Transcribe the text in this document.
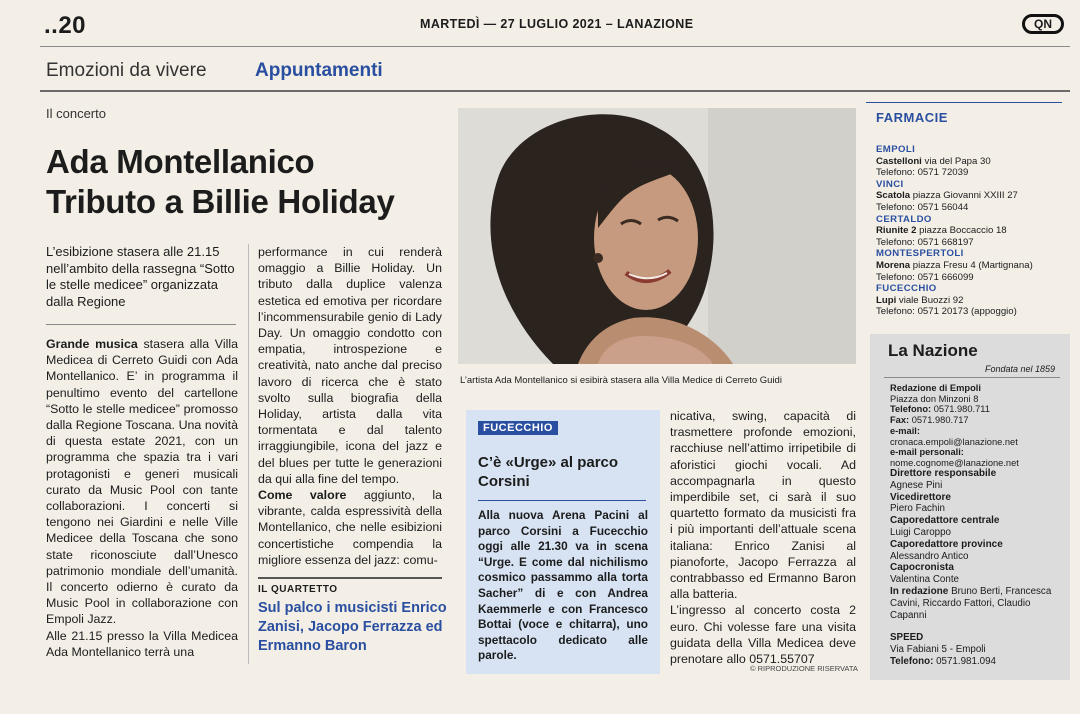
..20	MARTEDÌ — 27 LUGLIO 2021 – LANAZIONE	QN
Emozioni da vivere	Appuntamenti
Il concerto
Ada Montellanico
Tributo a Billie Holiday
L’esibizione stasera alle 21.15 nell’ambito della rassegna “Sotto le stelle medicee” organizzata dalla Regione

Grande musica stasera alla Villa Medicea di Cerreto Guidi con Ada Montellanico. E’ in programma il penultimo evento del cartellone “Sotto le stelle medicee” promosso dalla Regione Toscana. Una novità di questa estate 2021, con un programma che spazia tra i vari protagonisti e generi musicali curato da Music Pool con tante collaborazioni. I concerti si tengono nei Giardini e nelle Ville Medicee della Toscana che sono state riconosciute dall’Unesco patrimonio mondiale dell’umanità. Il concerto odierno è curato da Music Pool in collaborazione con Empoli Jazz.

Alle 21.15 presso la Villa Medicea Ada Montellanico terrà una

performance in cui renderà omaggio a Billie Holiday. Un tributo dalla duplice valenza estetica ed emotiva per ricordare l’incommensurabile genio di Lady Day. Un omaggio condotto con empatia, introspezione e creatività, nato anche dal preciso lavoro di ricerca che è stato svolto sulla biografia della Holiday, artista dalla vita tormentata e dal talento irraggiungibile, icona del jazz e del blues per tutte le generazioni da qui alla fine del tempo.

Come valore aggiunto, la vibrante, calda espressività della Montellanico, che nelle esibizioni concertistiche compendia la migliore essenza del jazz: comu-

IL QUARTETTO
Sul palco i musicisti Enrico Zanisi, Jacopo Ferrazza ed Ermanno Baron
L’artista Ada Montellanico si esibirà stasera alla Villa Medice di Cerreto Guidi
FUCECCHIO
C’è «Urge» al parco Corsini
Alla nuova Arena Pacini al parco Corsini a Fucecchio oggi alle 21.30 va in scena “Urge. E come dal nichilismo cosmico passammo alla torta Sacher” di e con Andrea Kaemmerle e con Francesco Bottai (voce e chitarra), uno spettacolo dedicato alle parole.

nicativa, swing, capacità di trasmettere profonde emozioni, racchiuse nell’attimo irripetibile di aforistici giochi vocali. Ad accompagnarla in questo imperdibile set, ci sarà il suo quartetto formato da musicisti fra i più importanti dell’attuale scena italiana: Enrico Zanisi al pianoforte, Jacopo Ferrazza al contrabbasso ed Ermanno Baron alla batteria.

L’ingresso al concerto costa 2 euro. Chi volesse fare una visita guidata della Villa Medicea deve prenotare allo 0571.55707

© RIPRODUZIONE RISERVATA
FARMACIE
EMPOLI
Castelloni via del Papa 30
Telefono: 0571 72039
VINCI
Scatola piazza Giovanni XXIII 27
Telefono: 0571 56044
CERTALDO
Riunite 2 piazza Boccaccio 18
Telefono: 0571 668197
MONTESPERTOLI
Morena piazza Fresu 4 (Martignana)
Telefono: 0571 666099
FUCECCHIO
Lupi viale Buozzi 92
Telefono: 0571 20173 (appoggio)
La Nazione
Fondata nel 1859
Redazione di Empoli
Piazza don Minzoni 8
Telefono: 0571.980.711
Fax: 0571.980.717
e-mail:
cronaca.empoli@lanazione.net
e-mail personali:
nome.cognome@lanazione.net
Direttore responsabile
Agnese Pini
Vicedirettore
Piero Fachin
Caporedattore centrale
Luigi Caroppo
Caporedattore province
Alessandro Antico
Capocronista
Valentina Conte
In redazione Bruno Berti, Francesca Cavini, Riccardo Fattori, Claudio Capanni
SPEED
Via Fabiani 5 - Empoli
Telefono: 0571.981.094
